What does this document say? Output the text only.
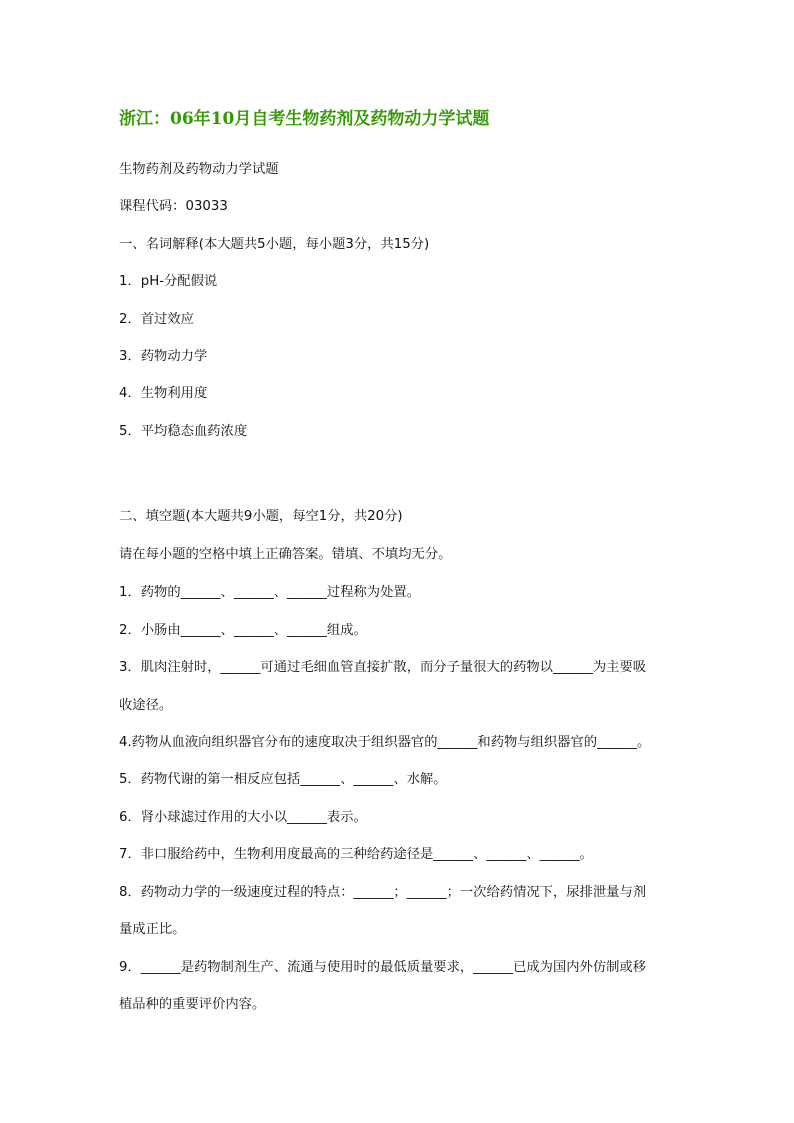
浙江：06年10月自考生物药剂及药物动力学试题
生物药剂及药物动力学试题
课程代码：03033
一、名词解释(本大题共5小题，每小题3分，共15分)
1．pH-分配假说
2．首过效应
3．药物动力学
4．生物利用度
5．平均稳态血药浓度
二、填空题(本大题共9小题，每空1分，共20分)
请在每小题的空格中填上正确答案。错填、不填均无分。
1．药物的______、______、______过程称为处置。
2．小肠由______、______、______组成。
3．肌肉注射时，______可通过毛细血管直接扩散，而分子量很大的药物以______为主要吸
收途径。
4.药物从血液向组织器官分布的速度取决于组织器官的______和药物与组织器官的______。
5．药物代谢的第一相反应包括______、______、水解。
6．肾小球滤过作用的大小以______表示。
7．非口服给药中，生物利用度最高的三种给药途径是______、______、______。
8．药物动力学的一级速度过程的特点：______；______；一次给药情况下，尿排泄量与剂
量成正比。
9．______是药物制剂生产、流通与使用时的最低质量要求，______已成为国内外仿制或移
植品种的重要评价内容。
